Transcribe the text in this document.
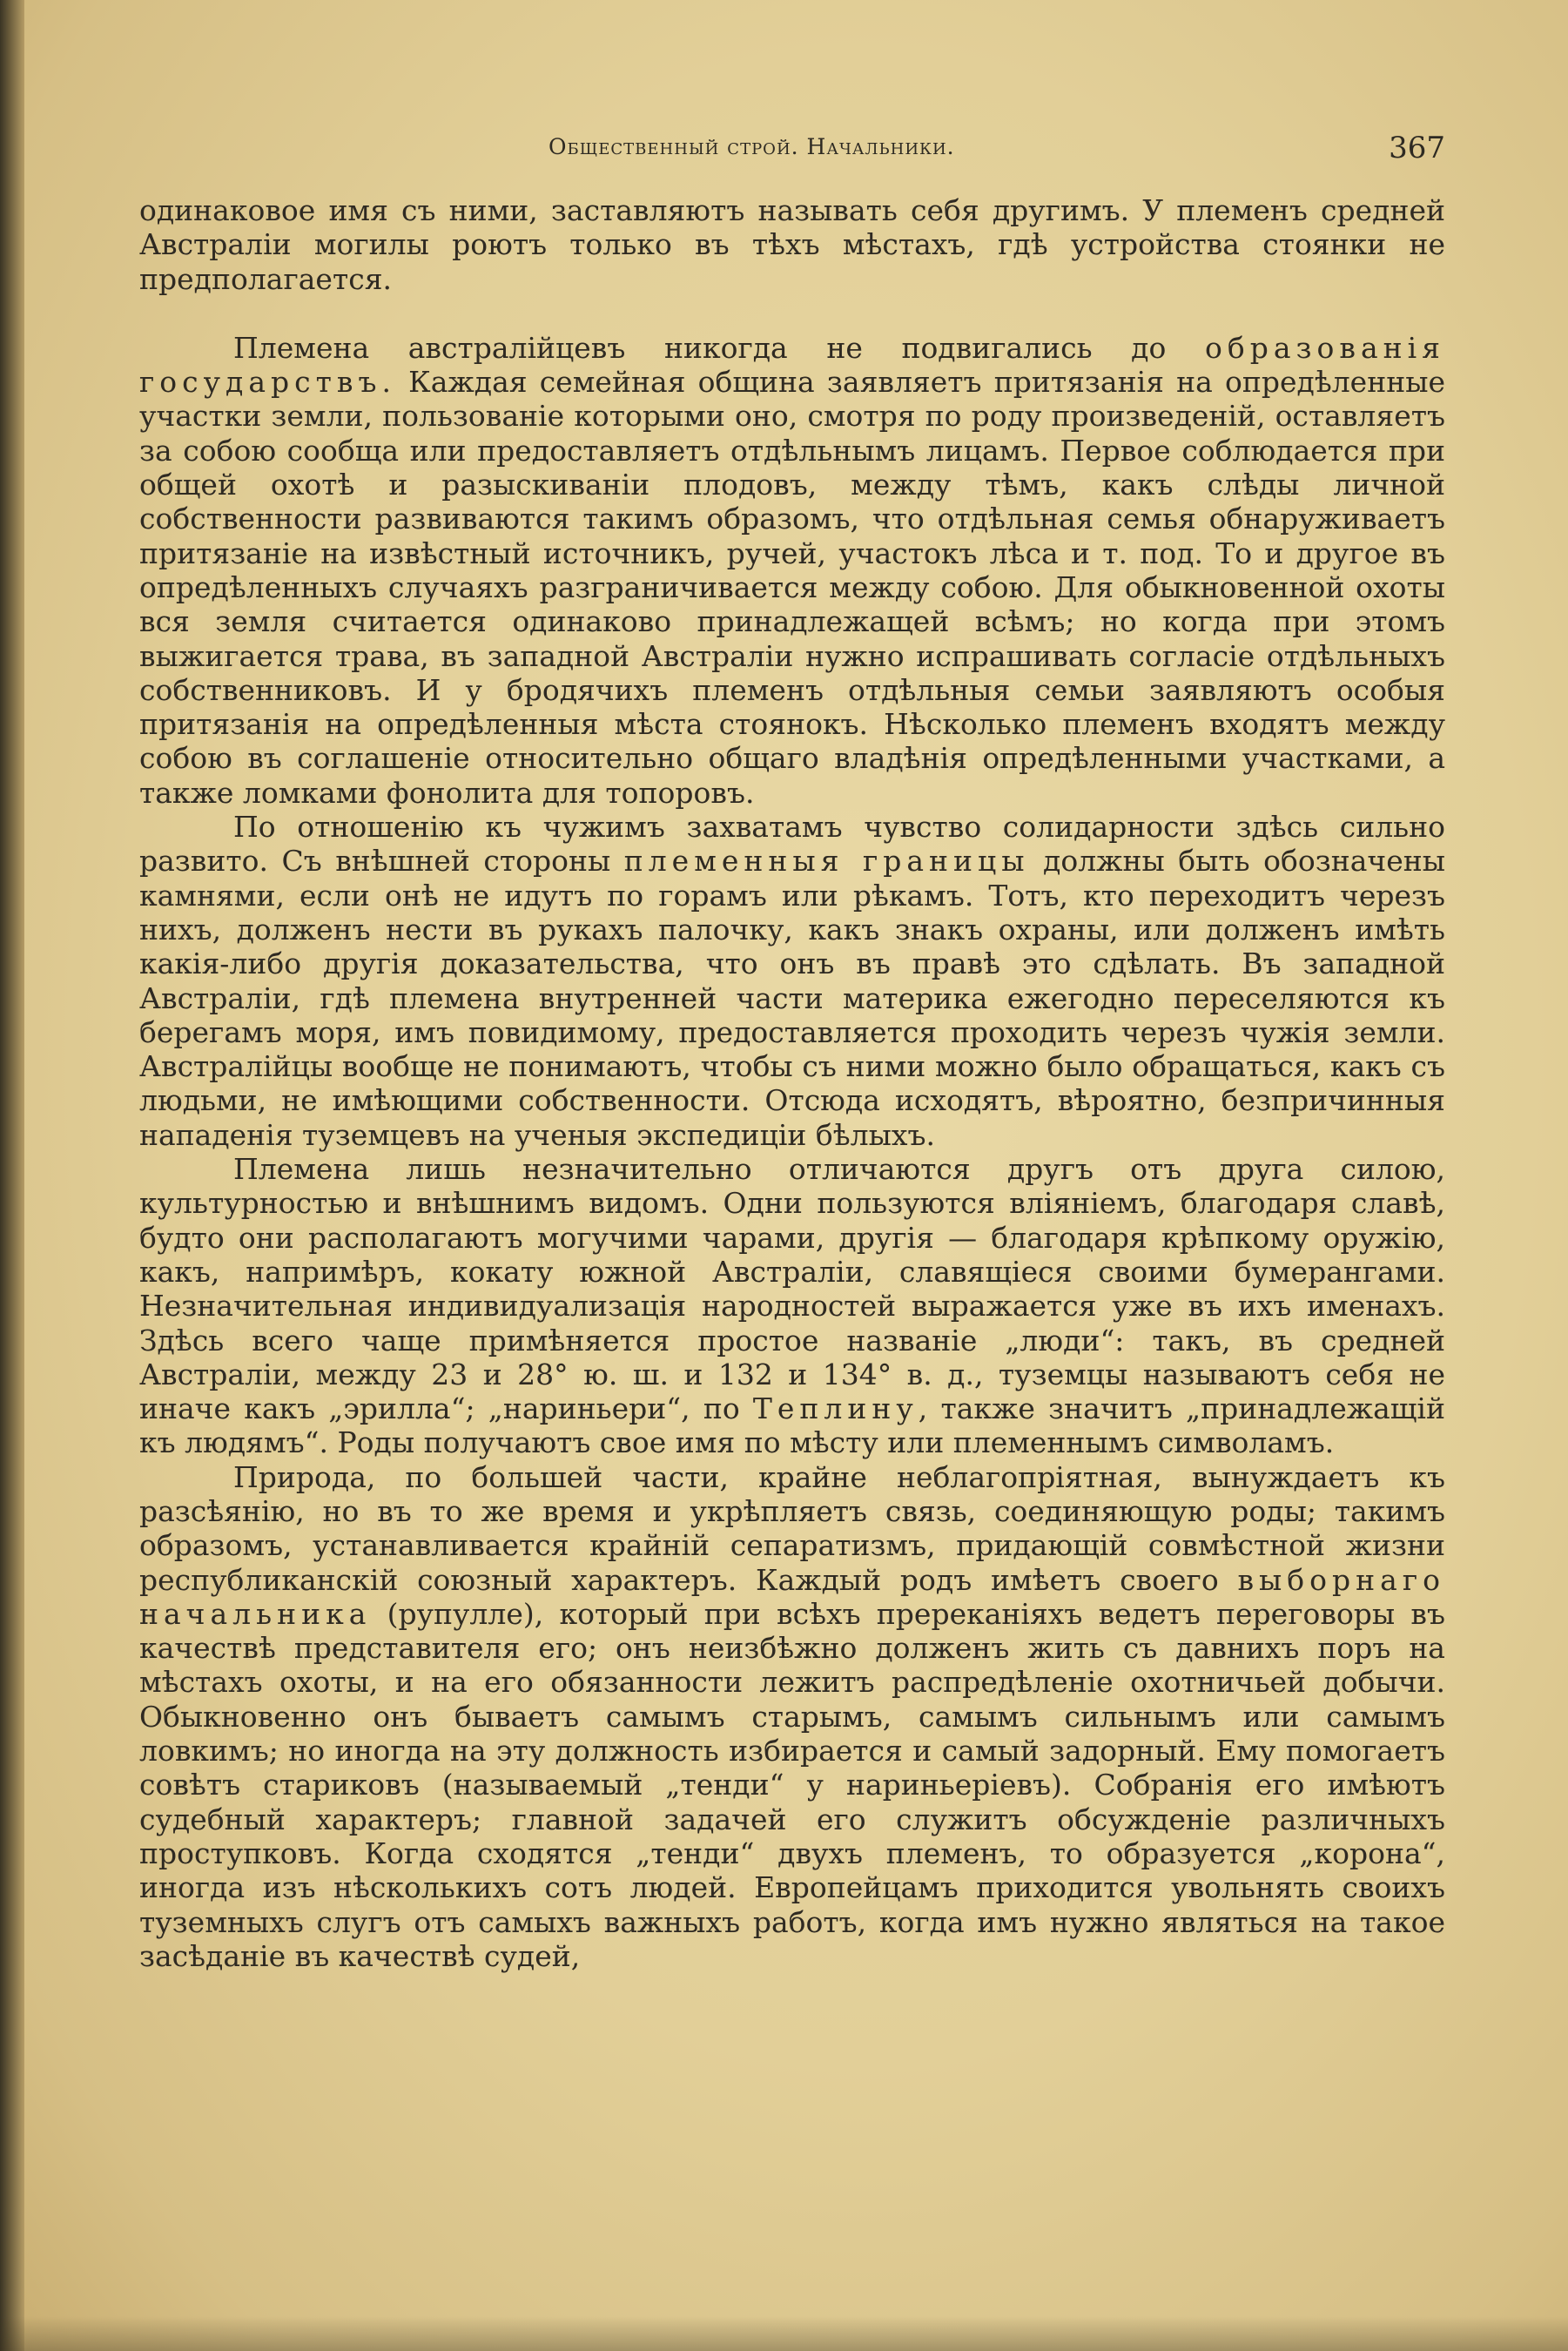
Общественный строй. Начальники.	367

одинаковое имя съ ними, заставляютъ называть себя другимъ. У племенъ средней Австраліи могилы роютъ только въ тѣхъ мѣстахъ, гдѣ устройства стоянки не предполагается.

Племена австралійцевъ никогда не подвигались до образованія государствъ. Каждая семейная община заявляетъ притязанія на опредѣленные участки земли, пользованіе которыми оно, смотря по роду произведеній, оставляетъ за собою сообща или предоставляетъ отдѣльнымъ лицамъ. Первое соблюдается при общей охотѣ и разыскиваніи плодовъ, между тѣмъ, какъ слѣды личной собственности развиваются такимъ образомъ, что отдѣльная семья обнаруживаетъ притязаніе на извѣстный источникъ, ручей, участокъ лѣса и т. под. То и другое въ опредѣленныхъ случаяхъ разграничивается между собою. Для обыкновенной охоты вся земля считается одинаково принадлежащей всѣмъ; но когда при этомъ выжигается трава, въ западной Австраліи нужно испрашивать согласіе отдѣльныхъ собственниковъ. И у бродячихъ племенъ отдѣльныя семьи заявляютъ особыя притязанія на опредѣленныя мѣста стоянокъ. Нѣсколько племенъ входятъ между собою въ соглашеніе относительно общаго владѣнія опредѣленными участками, а также ломками фонолита для топоровъ.

По отношенію къ чужимъ захватамъ чувство солидарности здѣсь сильно развито. Съ внѣшней стороны племенныя границы должны быть обозначены камнями, если онѣ не идутъ по горамъ или рѣкамъ. Тотъ, кто переходитъ черезъ нихъ, долженъ нести въ рукахъ палочку, какъ знакъ охраны, или долженъ имѣть какія-либо другія доказательства, что онъ въ правѣ это сдѣлать. Въ западной Австраліи, гдѣ племена внутренней части материка ежегодно переселяются къ берегамъ моря, имъ повидимому, предоставляется проходить черезъ чужія земли. Австралійцы вообще не понимаютъ, чтобы съ ними можно было обращаться, какъ съ людьми, не имѣющими собственности. Отсюда исходятъ, вѣроятно, безпричинныя нападенія туземцевъ на ученыя экспедиціи бѣлыхъ.

Племена лишь незначительно отличаются другъ отъ друга силою, культурностью и внѣшнимъ видомъ. Одни пользуются вліяніемъ, благодаря славѣ, будто они располагаютъ могучими чарами, другія — благодаря крѣпкому оружію, какъ, напримѣръ, кокату южной Австраліи, славящіеся своими бумерангами. Незначительная индивидуализація народностей выражается уже въ ихъ именахъ. Здѣсь всего чаще примѣняется простое названіе „люди“: такъ, въ средней Австраліи, между 23 и 28° ю. ш. и 132 и 134° в. д., туземцы называютъ себя не иначе какъ „эрилла“; „нариньери“, по Теплину, также значитъ „принадлежащій къ людямъ“. Роды получаютъ свое имя по мѣсту или племеннымъ символамъ.

Природа, по большей части, крайне неблагопріятная, вынуждаетъ къ разсѣянію, но въ то же время и укрѣпляетъ связь, соединяющую роды; такимъ образомъ, устанавливается крайній сепаратизмъ, придающій совмѣстной жизни республиканскій союзный характеръ. Каждый родъ имѣетъ своего выборнаго начальника (рупулле), который при всѣхъ пререканіяхъ ведетъ переговоры въ качествѣ представителя его; онъ неизбѣжно долженъ жить съ давнихъ поръ на мѣстахъ охоты, и на его обязанности лежитъ распредѣленіе охотничьей добычи. Обыкновенно онъ бываетъ самымъ старымъ, самымъ сильнымъ или самымъ ловкимъ; но иногда на эту должность избирается и самый задорный. Ему помогаетъ совѣтъ стариковъ (называемый „тенди“ у нариньеріевъ). Собранія его имѣютъ судебный характеръ; главной задачей его служитъ обсужденіе различныхъ проступковъ. Когда сходятся „тенди“ двухъ племенъ, то образуется „корона“, иногда изъ нѣсколькихъ сотъ людей. Европейцамъ приходится увольнять своихъ туземныхъ слугъ отъ самыхъ важныхъ работъ, когда имъ нужно являться на такое засѣданіе въ качествѣ судей,
